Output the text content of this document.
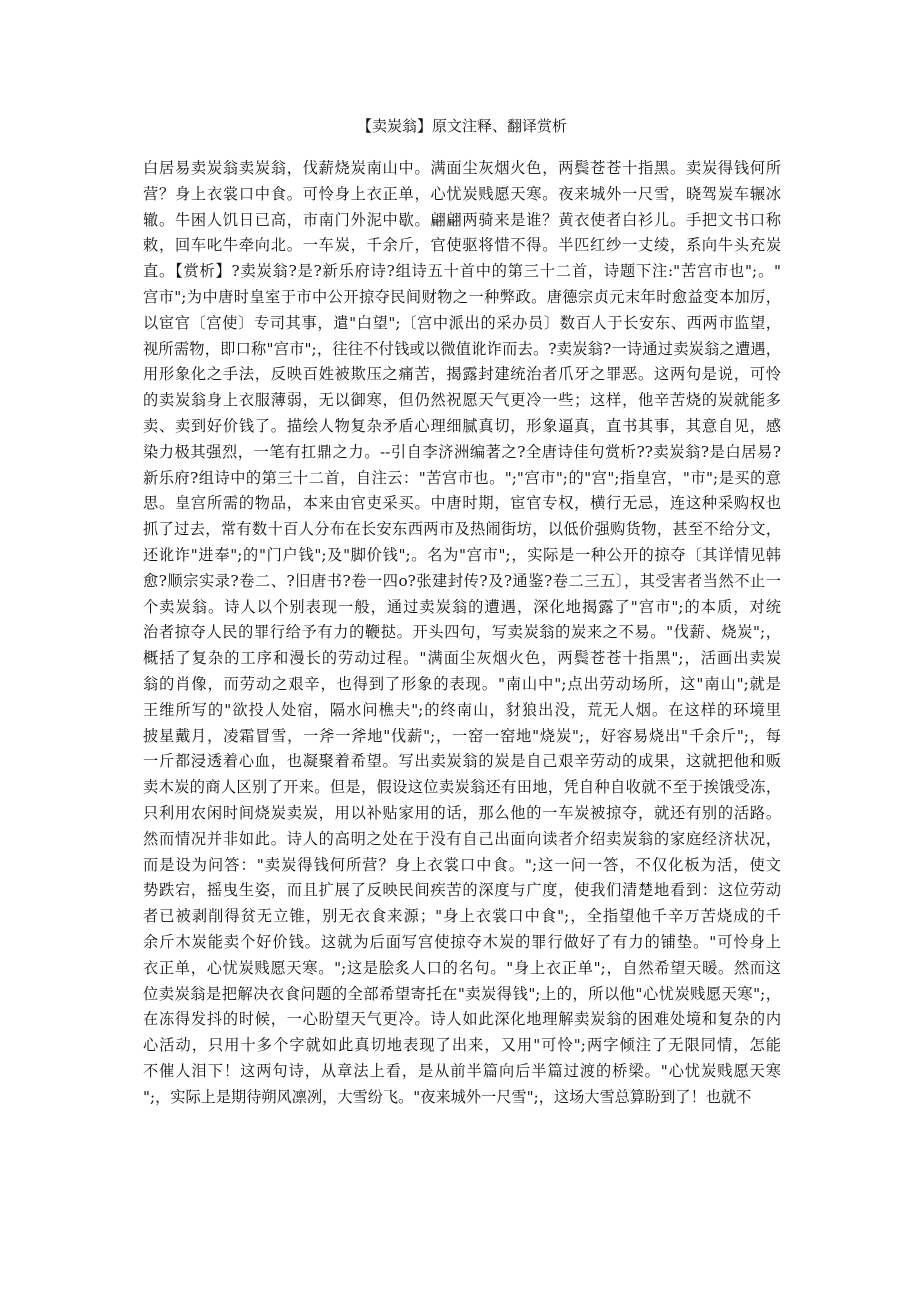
【卖炭翁】原文注释、翻译赏析
白居易卖炭翁卖炭翁，伐薪烧炭南山中。满面尘灰烟火色，两鬓苍苍十指黑。卖炭得钱何所
营？身上衣裳口中食。可怜身上衣正单，心忧炭贱愿天寒。夜来城外一尺雪，晓驾炭车辗冰
辙。牛困人饥日已高，市南门外泥中歇。翩翩两骑来是谁？黄衣使者白衫儿。手把文书口称
敕，回车叱牛牵向北。一车炭，千余斤，官使驱将惜不得。半匹红纱一丈绫，系向牛头充炭
直。【赏析】?卖炭翁?是?新乐府诗?组诗五十首中的第三十二首，诗题下注:"苦宫市也";。"
宫市";为中唐时皇室于市中公开掠夺民间财物之一种弊政。唐德宗贞元末年时愈益变本加厉，
以宦官〔宫使〕专司其事，遣"白望";〔宫中派出的采办员〕数百人于长安东、西两市监望，
视所需物，即口称"宫市";，往往不付钱或以微值讹诈而去。?卖炭翁?一诗通过卖炭翁之遭遇，
用形象化之手法，反映百姓被欺压之痛苦，揭露封建统治者爪牙之罪恶。这两句是说，可怜
的卖炭翁身上衣服薄弱，无以御寒，但仍然祝愿天气更冷一些；这样，他辛苦烧的炭就能多
卖、卖到好价钱了。描绘人物复杂矛盾心理细腻真切，形象逼真，直书其事，其意自见，感
染力极其强烈，一笔有扛鼎之力。--引自李济洲编著之?全唐诗佳句赏析??卖炭翁?是白居易?
新乐府?组诗中的第三十二首，自注云："苦宫市也。";"宫市";的"宫";指皇宫，"市";是买的意
思。皇宫所需的物品，本来由官吏采买。中唐时期，宦官专权，横行无忌，连这种采购权也
抓了过去，常有数十百人分布在长安东西两市及热闹街坊，以低价强购货物，甚至不给分文，
还讹诈"进奉";的"门户钱";及"脚价钱";。名为"宫市";，实际是一种公开的掠夺〔其详情见韩
愈?顺宗实录?卷二、?旧唐书?卷一四o?张建封传?及?通鉴?卷二三五〕，其受害者当然不止一
个卖炭翁。诗人以个别表现一般，通过卖炭翁的遭遇，深化地揭露了"宫市";的本质，对统
治者掠夺人民的罪行给予有力的鞭挞。开头四句，写卖炭翁的炭来之不易。"伐薪、烧炭";，
概括了复杂的工序和漫长的劳动过程。"满面尘灰烟火色，两鬓苍苍十指黑";，活画出卖炭
翁的肖像，而劳动之艰辛，也得到了形象的表现。"南山中";点出劳动场所，这"南山";就是
王维所写的"欲投人处宿，隔水问樵夫";的终南山，豺狼出没，荒无人烟。在这样的环境里
披星戴月，凌霜冒雪，一斧一斧地"伐薪";，一窑一窑地"烧炭";，好容易烧出"千余斤";，每
一斤都浸透着心血，也凝聚着希望。写出卖炭翁的炭是自己艰辛劳动的成果，这就把他和贩
卖木炭的商人区别了开来。但是，假设这位卖炭翁还有田地，凭自种自收就不至于挨饿受冻，
只利用农闲时间烧炭卖炭，用以补贴家用的话，那么他的一车炭被掠夺，就还有别的活路。
然而情况并非如此。诗人的高明之处在于没有自己出面向读者介绍卖炭翁的家庭经济状况，
而是设为问答："卖炭得钱何所营？身上衣裳口中食。";这一问一答，不仅化板为活，使文
势跌宕，摇曳生姿，而且扩展了反映民间疾苦的深度与广度，使我们清楚地看到：这位劳动
者已被剥削得贫无立锥，别无衣食来源；"身上衣裳口中食";，全指望他千辛万苦烧成的千
余斤木炭能卖个好价钱。这就为后面写宫使掠夺木炭的罪行做好了有力的铺垫。"可怜身上
衣正单，心忧炭贱愿天寒。";这是脍炙人口的名句。"身上衣正单";，自然希望天暖。然而这
位卖炭翁是把解决衣食问题的全部希望寄托在"卖炭得钱";上的，所以他"心忧炭贱愿天寒";，
在冻得发抖的时候，一心盼望天气更冷。诗人如此深化地理解卖炭翁的困难处境和复杂的内
心活动，只用十多个字就如此真切地表现了出来，又用"可怜";两字倾注了无限同情，怎能
不催人泪下！这两句诗，从章法上看，是从前半篇向后半篇过渡的桥梁。"心忧炭贱愿天寒
";，实际上是期待朔风凛冽，大雪纷飞。"夜来城外一尺雪";，这场大雪总算盼到了！也就不
